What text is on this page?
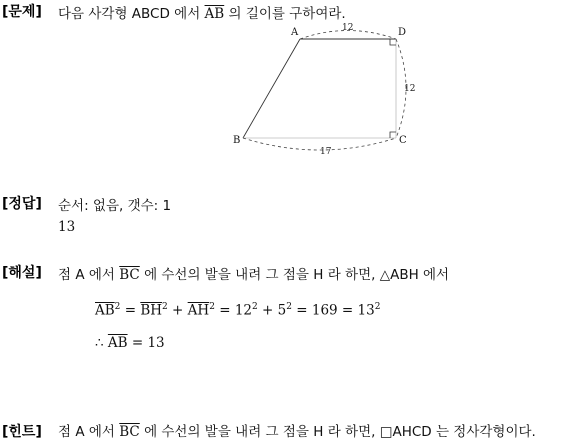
[문제] 다음 사각형 ABCD 에서 $\overline{AB}$ 의 길이를 구하여라.
12
12
17
A	D
B	C
[정답] 순서: 없음, 갯수: 1
13
[해설] 점 A 에서 $\overline{BC}$ 에 수선의 발을 내려 그 점을 H 라 하면, △ABH 에서
$\overline{AB}^2 = \overline{BH}^2 + \overline{AH}^2 = 12^2 + 5^2 = 169 = 13^2$
∴ $\overline{AB} = 13$
[힌트] 점 A 에서 $\overline{BC}$ 에 수선의 발을 내려 그 점을 H 라 하면, □AHCD 는 정사각형이다.
